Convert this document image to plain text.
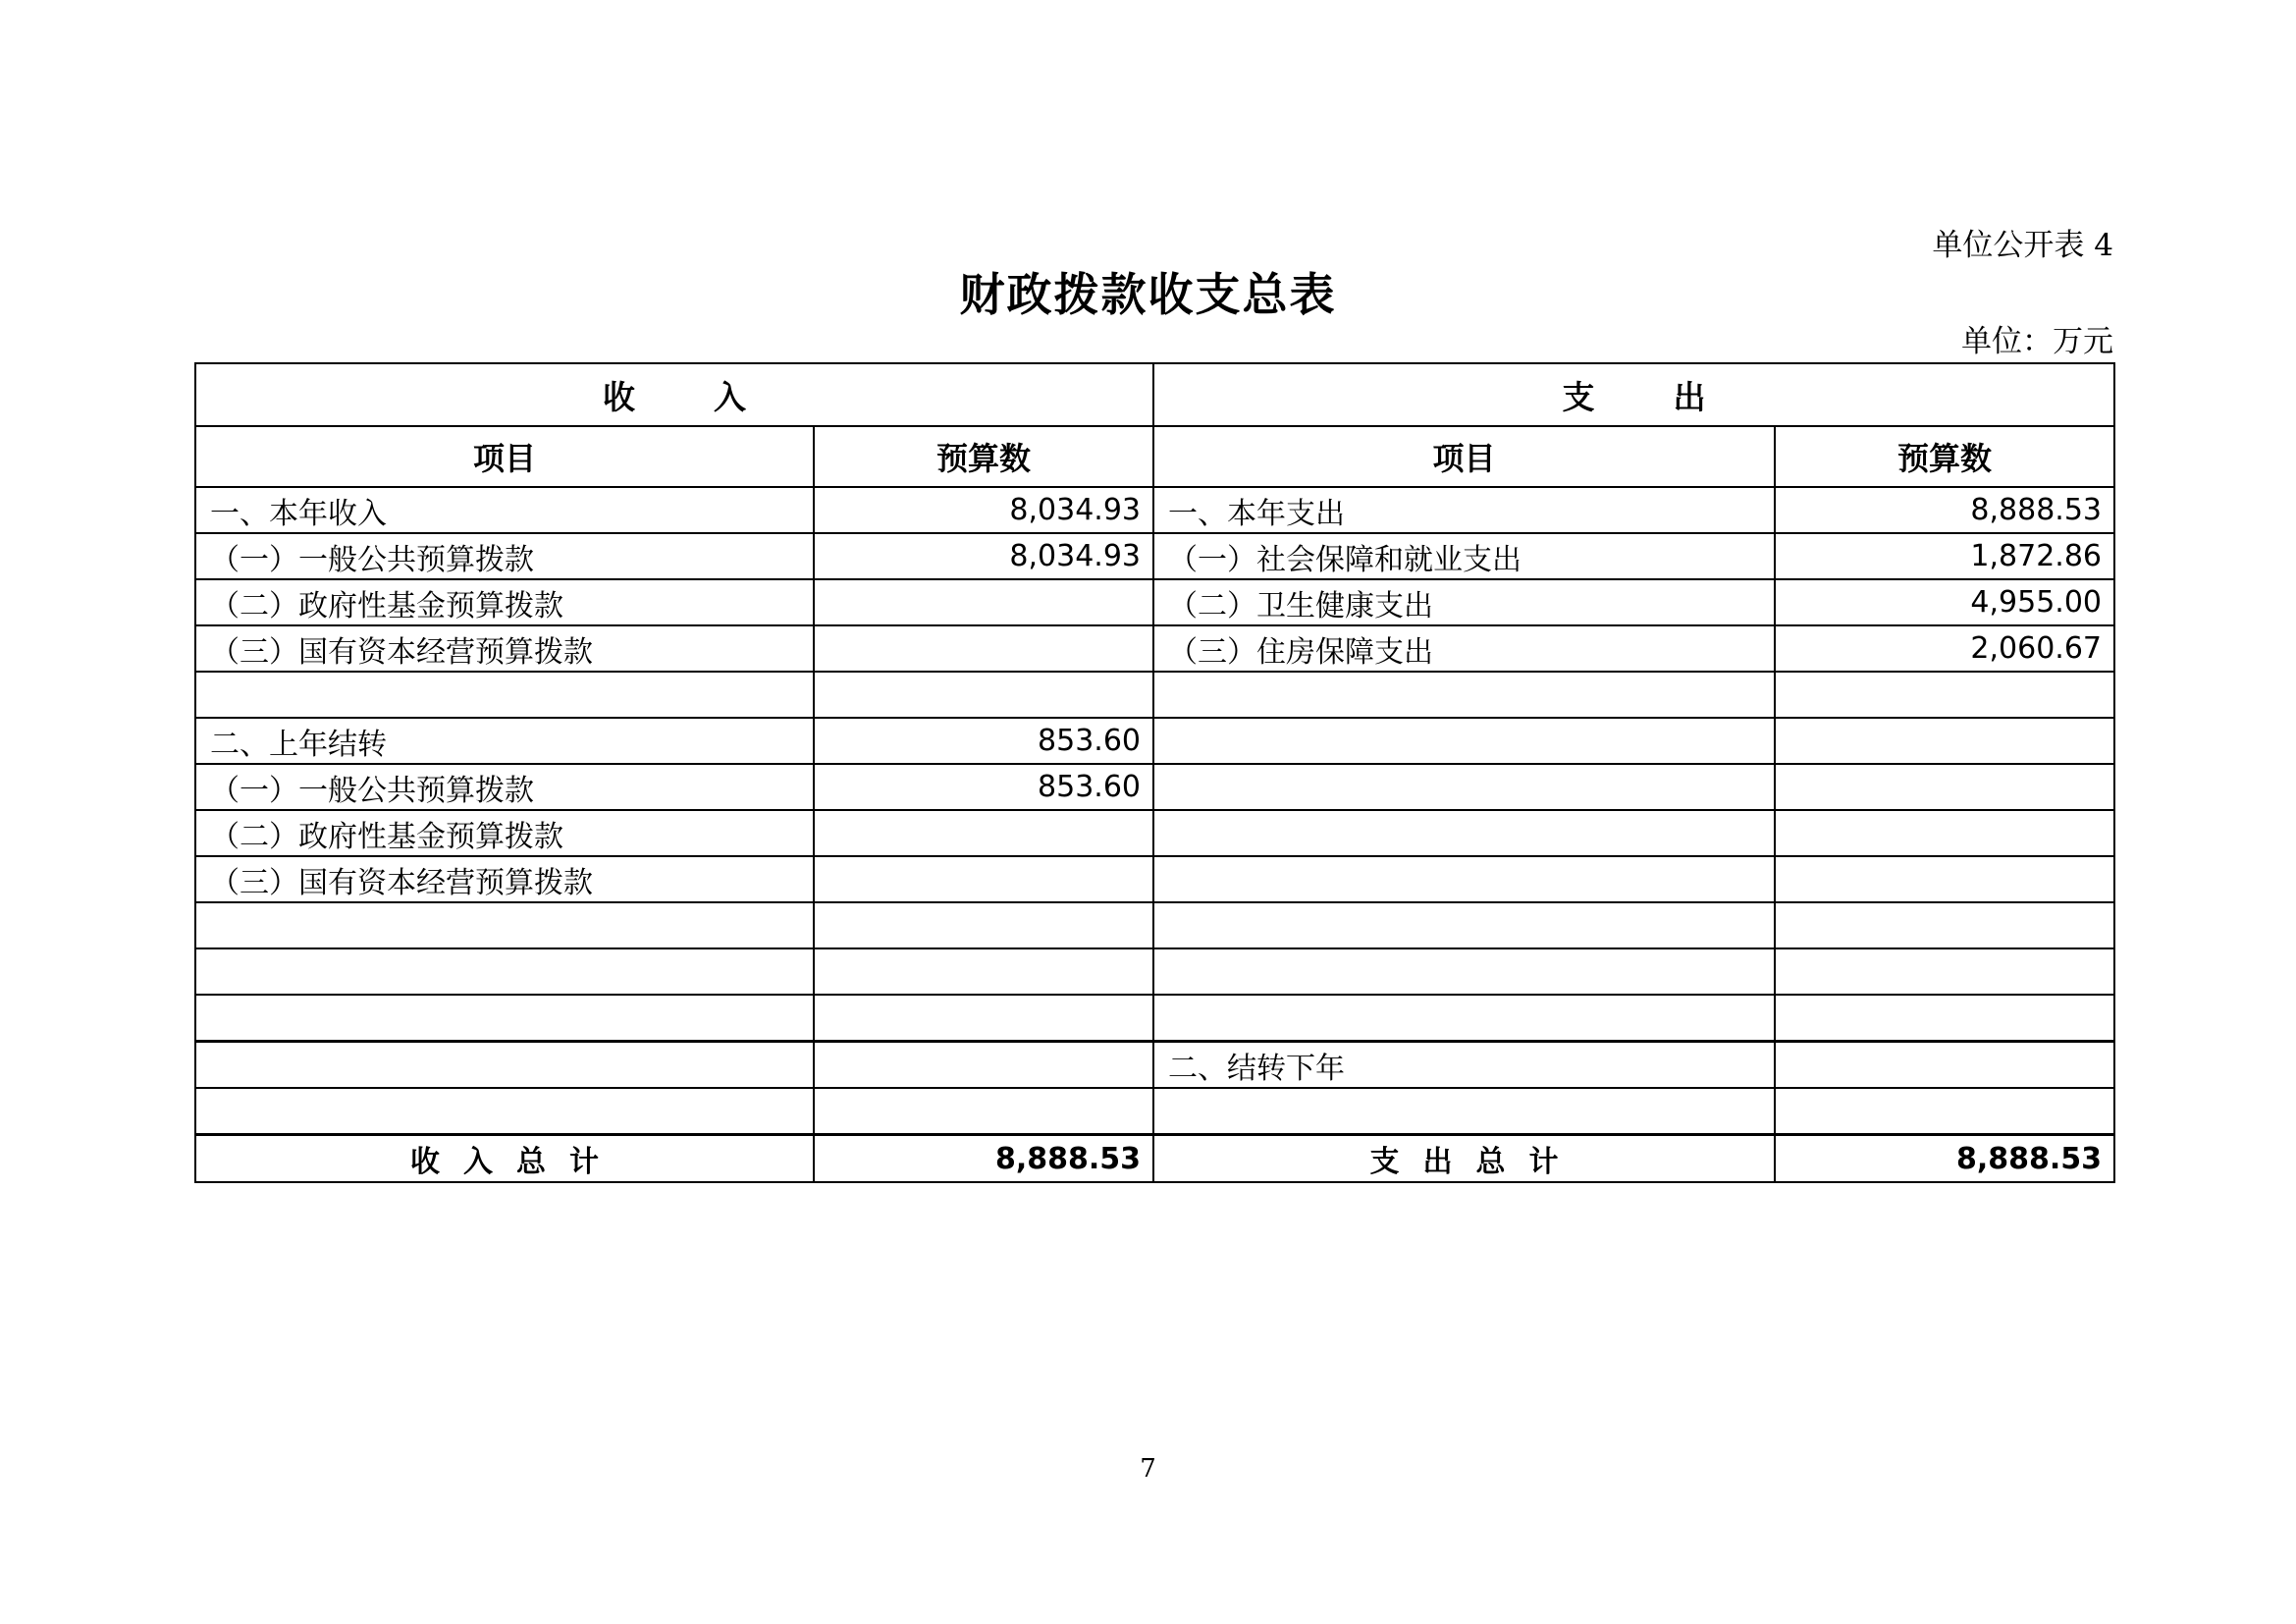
单位公开表 4
财政拨款收支总表
单位：万元
收入		支出	
项目	预算数	项目	预算数
一、本年收入	8,034.93	一、本年支出	8,888.53
（一）一般公共预算拨款	8,034.93	（一）社会保障和就业支出	1,872.86
（二）政府性基金预算拨款		（二）卫生健康支出	4,955.00
（三）国有资本经营预算拨款		（三）住房保障支出	2,060.67

二、上年结转	853.60		
（一）一般公共预算拨款	853.60		
（二）政府性基金预算拨款			
（三）国有资本经营预算拨款			

		二、结转下年	

收入总计	8,888.53	支出总计	8,888.53
7
